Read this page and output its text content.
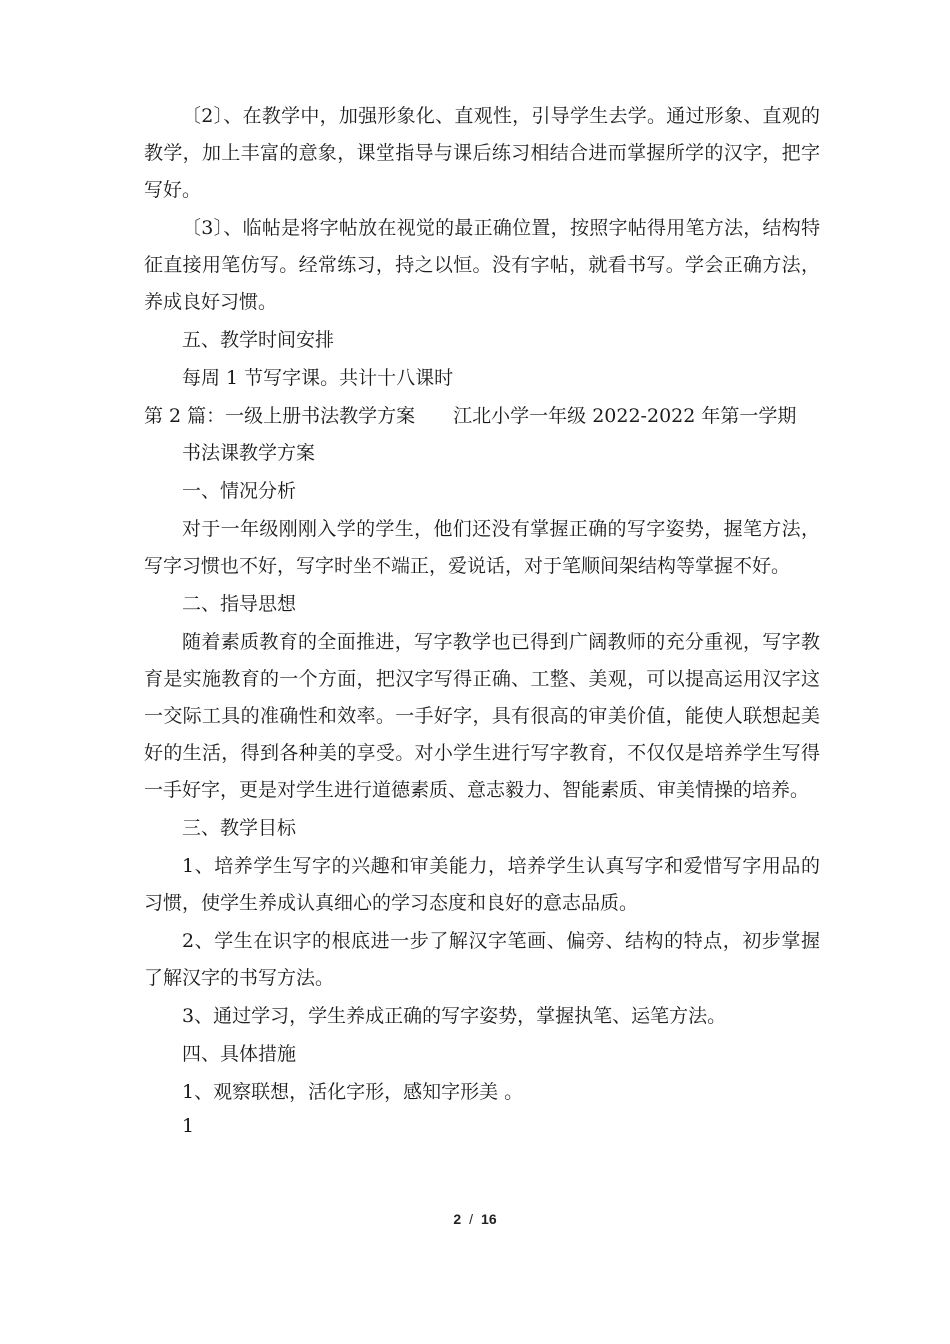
〔2〕、在教学中，加强形象化、直观性，引导学生去学。通过形象、直观的教学，加上丰富的意象，课堂指导与课后练习相结合进而掌握所学的汉字，把字写好。

〔3〕、临帖是将字帖放在视觉的最正确位置，按照字帖得用笔方法，结构特征直接用笔仿写。经常练习，持之以恒。没有字帖，就看书写。学会正确方法，养成良好习惯。

五、教学时间安排

每周 1 节写字课。共计十八课时

第 2 篇：一级上册书法教学方案　　江北小学一年级 2022-2022 年第一学期

书法课教学方案

一、情况分析

对于一年级刚刚入学的学生，他们还没有掌握正确的写字姿势，握笔方法，写字习惯也不好，写字时坐不端正，爱说话，对于笔顺间架结构等掌握不好。

二、指导思想

随着素质教育的全面推进，写字教学也已得到广阔教师的充分重视，写字教育是实施教育的一个方面，把汉字写得正确、工整、美观，可以提高运用汉字这一交际工具的准确性和效率。一手好字，具有很高的审美价值，能使人联想起美好的生活，得到各种美的享受。对小学生进行写字教育，不仅仅是培养学生写得一手好字，更是对学生进行道德素质、意志毅力、智能素质、审美情操的培养。

三、教学目标

1、培养学生写字的兴趣和审美能力，培养学生认真写字和爱惜写字用品的习惯，使学生养成认真细心的学习态度和良好的意志品质。

2、学生在识字的根底进一步了解汉字笔画、偏旁、结构的特点，初步掌握了解汉字的书写方法。

3、通过学习，学生养成正确的写字姿势，掌握执笔、运笔方法。

四、具体措施

1、观察联想，活化字形，感知字形美 。

1
2 / 16
